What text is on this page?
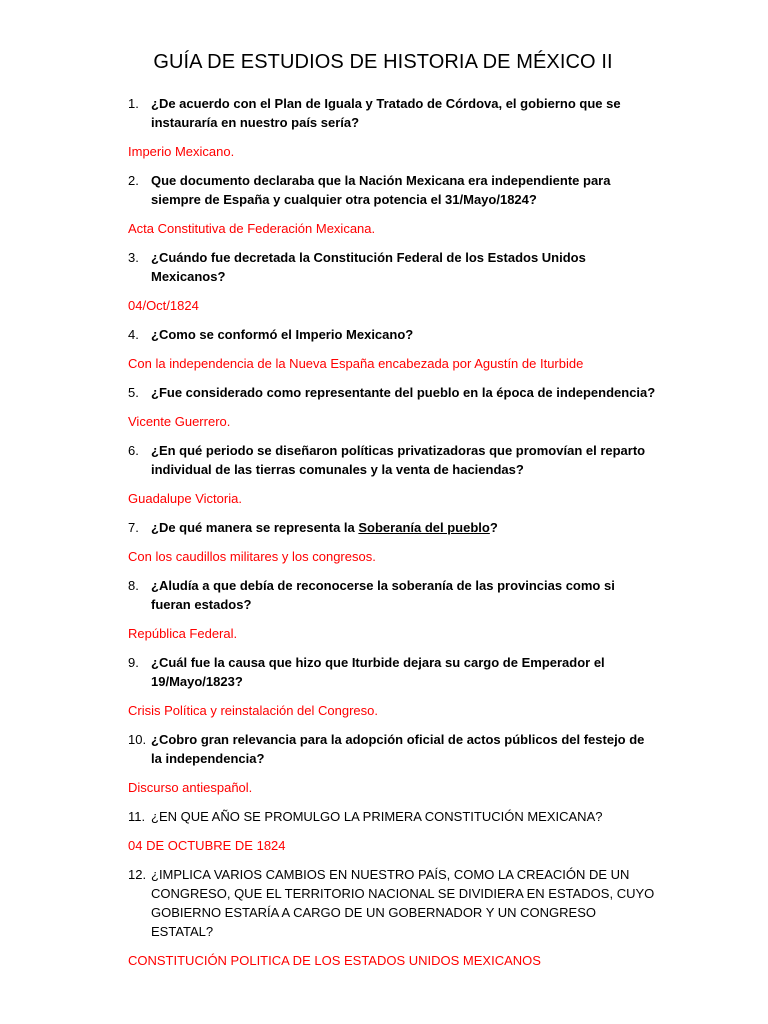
GUÍA DE ESTUDIOS DE HISTORIA DE MÉXICO II
1. ¿De acuerdo con el Plan de Iguala y Tratado de Córdova, el gobierno que se instauraría en nuestro país sería?
Imperio Mexicano.
2. Que documento declaraba que la Nación Mexicana era independiente para siempre de España y cualquier otra potencia el 31/Mayo/1824?
Acta Constitutiva de Federación Mexicana.
3. ¿Cuándo fue decretada la Constitución Federal de los Estados Unidos Mexicanos?
04/Oct/1824
4. ¿Como se conformó el Imperio Mexicano?
Con la independencia de la Nueva España encabezada por Agustín de Iturbide
5. ¿Fue considerado como representante del pueblo en la época de independencia?
Vicente Guerrero.
6. ¿En qué periodo se diseñaron políticas privatizadoras que promovían el reparto individual de las tierras comunales y la venta de haciendas?
Guadalupe Victoria.
7. ¿De qué manera se representa la Soberanía del pueblo?
Con los caudillos militares y los congresos.
8. ¿Aludía a que debía de reconocerse la soberanía de las provincias como si fueran estados?
República Federal.
9. ¿Cuál fue la causa que hizo que Iturbide dejara su cargo de Emperador el 19/Mayo/1823?
Crisis Política y reinstalación del Congreso.
10. ¿Cobro gran relevancia para la adopción oficial de actos públicos del festejo de la independencia?
Discurso antiespañol.
11. ¿EN QUE AÑO SE PROMULGO LA PRIMERA CONSTITUCIÓN MEXICANA?
04 DE OCTUBRE DE 1824
12. ¿IMPLICA VARIOS CAMBIOS EN NUESTRO PAÍS, COMO LA CREACIÓN DE UN CONGRESO, QUE EL TERRITORIO NACIONAL SE DIVIDIERA EN ESTADOS, CUYO GOBIERNO ESTARÍA A CARGO DE UN GOBERNADOR Y UN CONGRESO ESTATAL?
CONSTITUCIÓN POLITICA DE LOS ESTADOS UNIDOS MEXICANOS
